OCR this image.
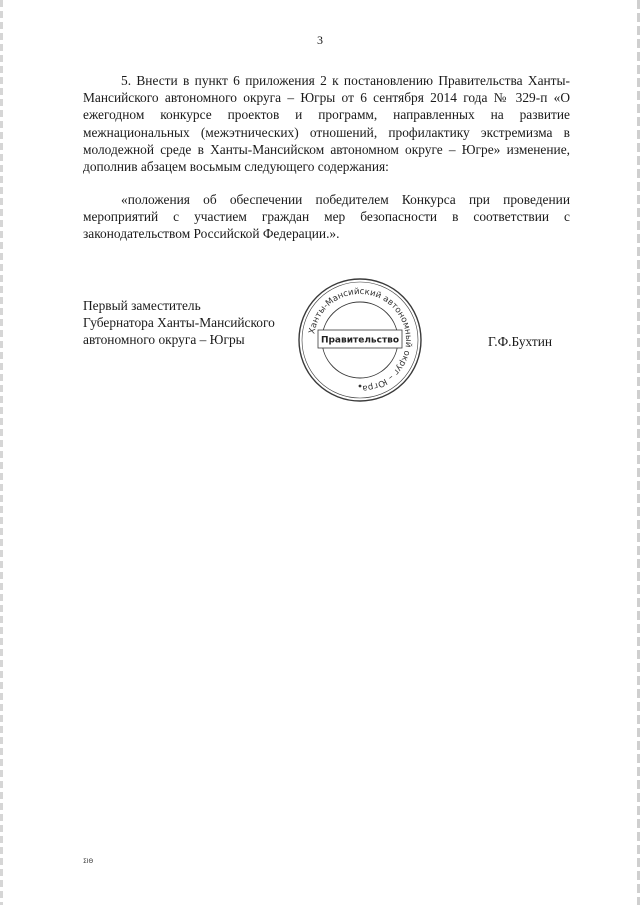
3

5. Внести в пункт 6 приложения 2 к постановлению Правительства Ханты-Мансийского автономного округа – Югры от 6 сентября 2014 года № 329-п «О ежегодном конкурсе проектов и программ, направленных на развитие межнациональных (межэтнических) отношений, профилактику экстремизма в молодежной среде в Ханты-Мансийском автономном округе – Югре» изменение, дополнив абзацем восьмым следующего содержания:

«положения об обеспечении победителем Конкурса при проведении мероприятий с участием граждан мер безопасности в соответствии с законодательством Российской Федерации.».

Первый заместитель
Губернатора Ханты-Мансийского
автономного округа – Югры
Ханты-Мансийский автономный округ – Югра
Правительство	Г.Ф.Бухтин
ΣΙΘ
